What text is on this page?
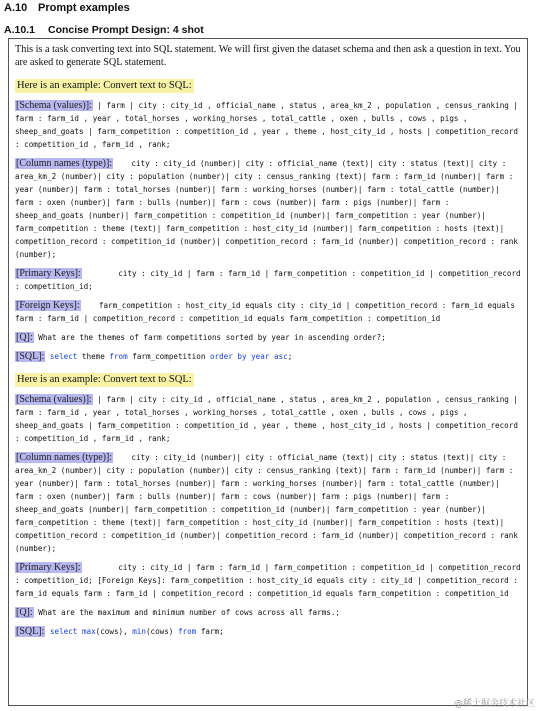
A.10 Prompt examples
A.10.1 Concise Prompt Design: 4 shot

This is a task converting text into SQL statement. We will first given the dataset schema and then ask a question in text. You are asked to generate SQL statement.

Here is an example: Convert text to SQL:
[Schema (values)]: | farm | city : city_id , official_name , status , area_km_2 , population , census_ranking | farm : farm_id , year , total_horses , working_horses , total_cattle , oxen , bulls , cows , pigs , sheep_and_goats | farm_competition : competition_id , year , theme , host_city_id , hosts | competition_record : competition_id , farm_id , rank;
[Column names (type)]:    city : city_id (number)| city : official_name (text)| city : status (text)| city : area_km_2 (number)| city : population (number)| city : census_ranking (text)| farm : farm_id (number)| farm : year (number)| farm : total_horses (number)| farm : working_horses (number)| farm : total_cattle (number)| farm : oxen (number)| farm : bulls (number)| farm : cows (number)| farm : pigs (number)| farm : sheep_and_goats (number)| farm_competition : competition_id (number)| farm_competition : year (number)| farm_competition : theme (text)| farm_competition : host_city_id (number)| farm_competition : hosts (text)| competition_record : competition_id (number)| competition_record : farm_id (number)| competition_record : rank (number);
[Primary Keys]:        city : city_id | farm : farm_id | farm_competition : competition_id | competition_record : competition_id;
[Foreign Keys]:    farm_competition : host_city_id equals city : city_id | competition_record : farm_id equals farm : farm_id | competition_record : competition_id equals farm_competition : competition_id
[Q]: What are the themes of farm competitions sorted by year in ascending order?;
[SQL]: select theme from farm_competition order by year asc;
Here is an example: Convert text to SQL:
[Schema (values)]: | farm | city : city_id , official_name , status , area_km_2 , population , census_ranking | farm : farm_id , year , total_horses , working_horses , total_cattle , oxen , bulls , cows , pigs , sheep_and_goats | farm_competition : competition_id , year , theme , host_city_id , hosts | competition_record : competition_id , farm_id , rank;
[Column names (type)]:    city : city_id (number)| city : official_name (text)| city : status (text)| city : area_km_2 (number)| city : population (number)| city : census_ranking (text)| farm : farm_id (number)| farm : year (number)| farm : total_horses (number)| farm : working_horses (number)| farm : total_cattle (number)| farm : oxen (number)| farm : bulls (number)| farm : cows (number)| farm : pigs (number)| farm : sheep_and_goats (number)| farm_competition : competition_id (number)| farm_competition : year (number)| farm_competition : theme (text)| farm_competition : host_city_id (number)| farm_competition : hosts (text)| competition_record : competition_id (number)| competition_record : farm_id (number)| competition_record : rank (number);
[Primary Keys]:        city : city_id | farm : farm_id | farm_competition : competition_id | competition_record : competition_id; [Foreign Keys]: farm_competition : host_city_id equals city : city_id | competition_record : farm_id equals farm : farm_id | competition_record : competition_id equals farm_competition : competition_id
[Q]: What are the maximum and minimum number of cows across all farms.;
[SQL]: select max(cows), min(cows) from farm;
@稀土掘金技术社区
